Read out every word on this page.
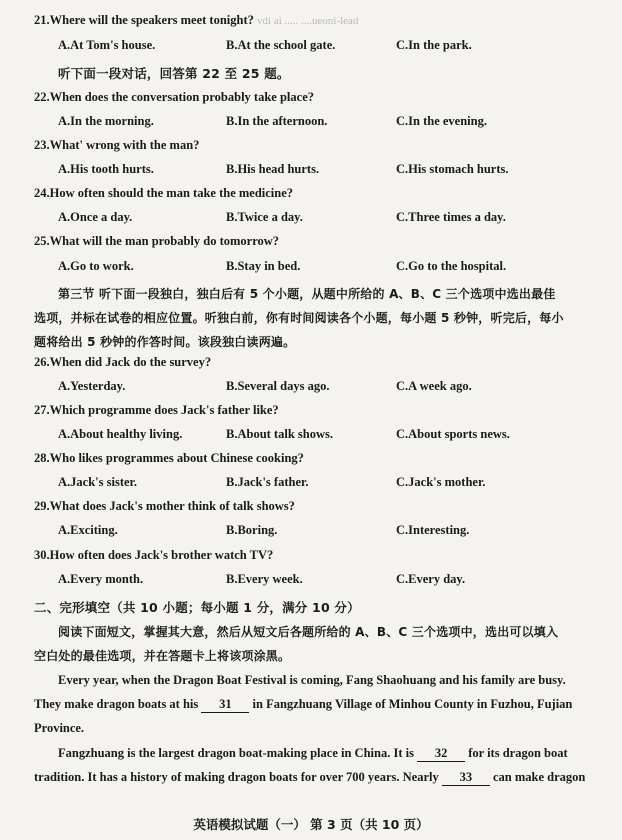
21.Where will the speakers meet tonight? vdi ai ..... ....ueoni-lead
A.At Tom's house.	B.At the school gate.	C.In the park.
听下面一段对话，回答第 22 至 25 题。
22.When does the conversation probably take place?
A.In the morning.	B.In the afternoon.	C.In the evening.
23.What' wrong with the man?
A.His tooth hurts.	B.His head hurts.	C.His stomach hurts.
24.How often should the man take the medicine?
A.Once a day.	B.Twice a day.	C.Three times a day.
25.What will the man probably do tomorrow?
A.Go to work.	B.Stay in bed.	C.Go to the hospital.
第三节 听下面一段独白，独白后有 5 个小题，从题中所给的 A、B、C 三个选项中选出最佳
选项，并标在试卷的相应位置。听独白前，你有时间阅读各个小题，每小题 5 秒钟，听完后，每小
题将给出 5 秒钟的作答时间。该段独白读两遍。
26.When did Jack do the survey?
A.Yesterday.	B.Several days ago.	C.A week ago.
27.Which programme does Jack's father like?
A.About healthy living.	B.About talk shows.	C.About sports news.
28.Who likes programmes about Chinese cooking?
A.Jack's sister.	B.Jack's father.	C.Jack's mother.
29.What does Jack's mother think of talk shows?
A.Exciting.	B.Boring.	C.Interesting.
30.How often does Jack's brother watch TV?
A.Every month.	B.Every week.	C.Every day.
二、完形填空（共 10 小题；每小题 1 分，满分 10 分）
阅读下面短文，掌握其大意，然后从短文后各题所给的 A、B、C 三个选项中，选出可以填入
空白处的最佳选项，并在答题卡上将该项涂黑。
Every year, when the Dragon Boat Festival is coming, Fang Shaohuang and his family are busy.
They make dragon boats at his 31 in Fangzhuang Village of Minhou County in Fuzhou, Fujian
Province.
Fangzhuang is the largest dragon boat-making place in China. It is 32 for its dragon boat
tradition. It has a history of making dragon boats for over 700 years. Nearly 33 can make dragon
英语模拟试题（一） 第 3 页（共 10 页）
